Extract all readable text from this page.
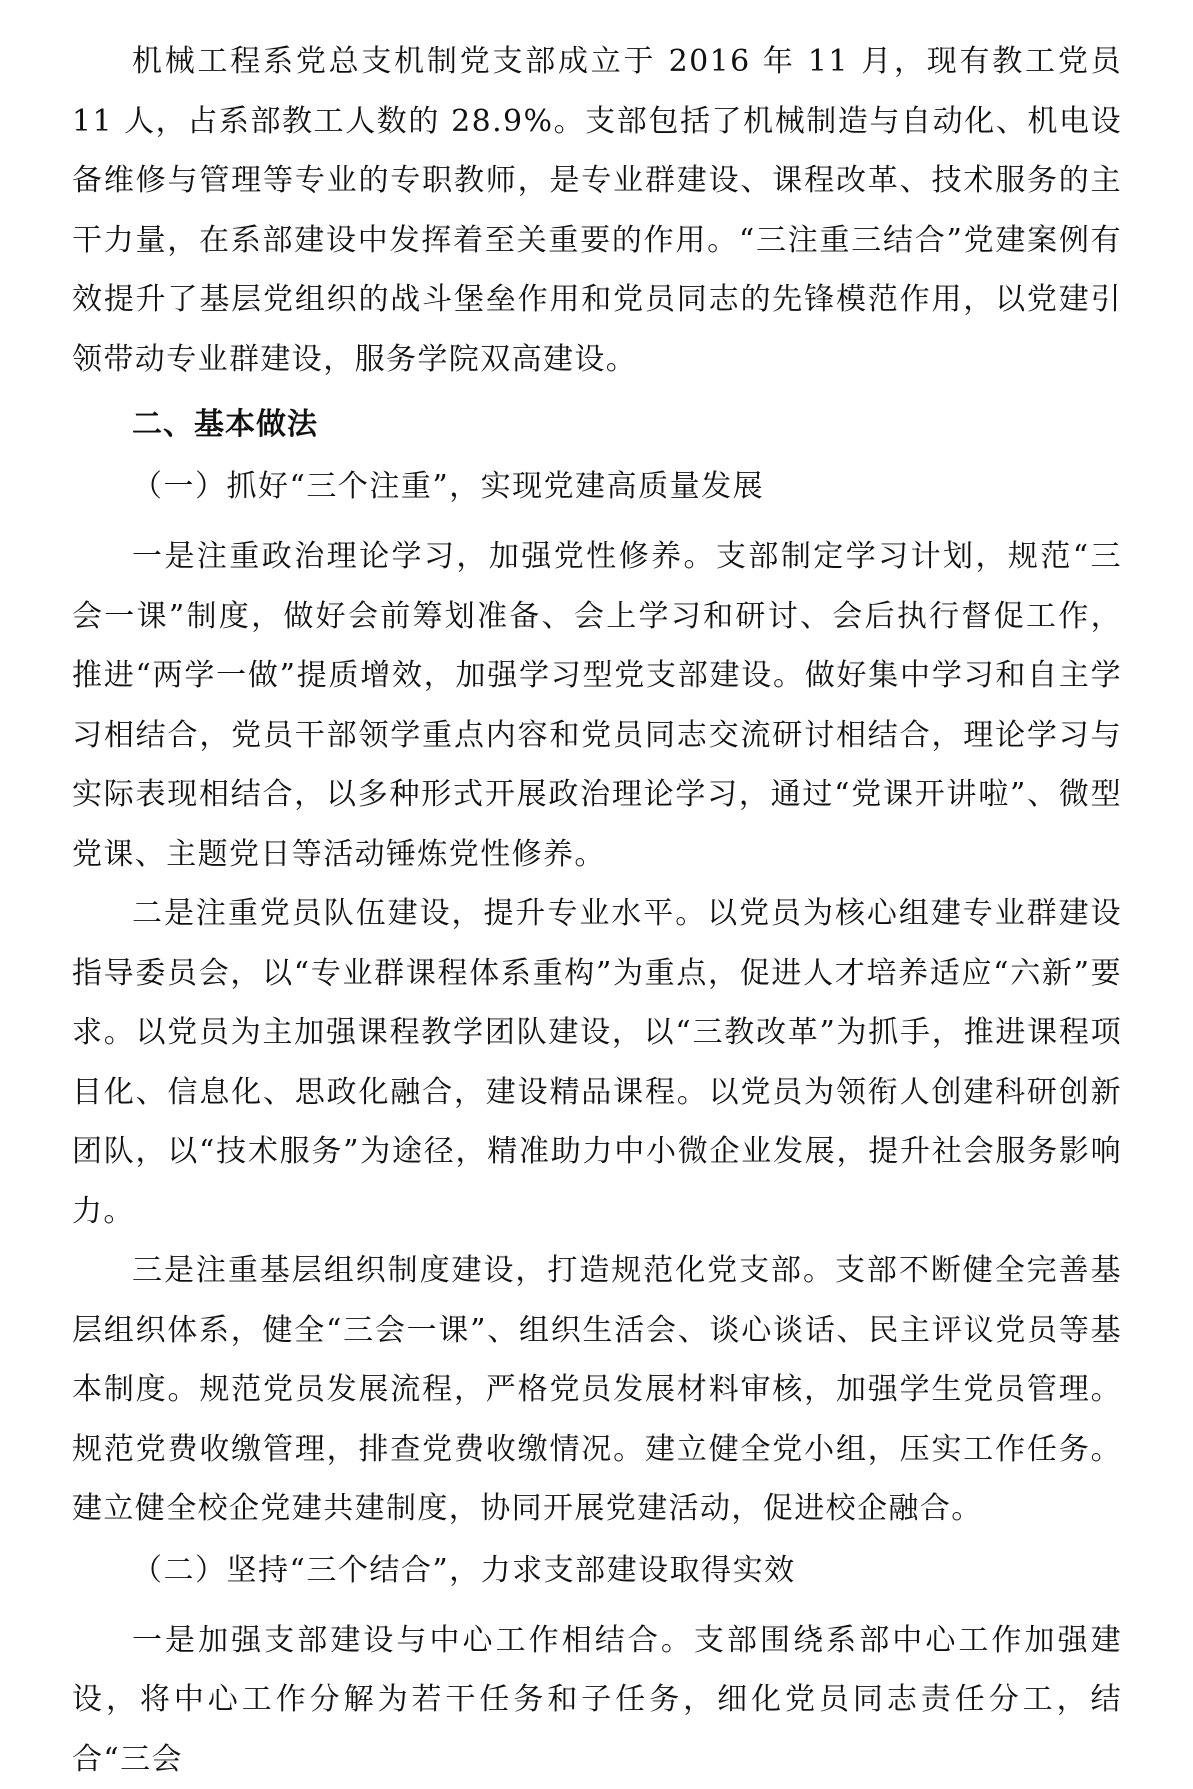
机械工程系党总支机制党支部成立于 2016 年 11 月，现有教工党员 11 人，占系部教工人数的 28.9%。支部包括了机械制造与自动化、机电设备维修与管理等专业的专职教师，是专业群建设、课程改革、技术服务的主干力量，在系部建设中发挥着至关重要的作用。“三注重三结合”党建案例有效提升了基层党组织的战斗堡垒作用和党员同志的先锋模范作用，以党建引领带动专业群建设，服务学院双高建设。

二、基本做法

（一）抓好“三个注重”，实现党建高质量发展

一是注重政治理论学习，加强党性修养。支部制定学习计划，规范“三会一课”制度，做好会前筹划准备、会上学习和研讨、会后执行督促工作，推进“两学一做”提质增效，加强学习型党支部建设。做好集中学习和自主学习相结合，党员干部领学重点内容和党员同志交流研讨相结合，理论学习与实际表现相结合，以多种形式开展政治理论学习，通过“党课开讲啦”、微型党课、主题党日等活动锤炼党性修养。

二是注重党员队伍建设，提升专业水平。以党员为核心组建专业群建设指导委员会，以“专业群课程体系重构”为重点，促进人才培养适应“六新”要求。以党员为主加强课程教学团队建设，以“三教改革”为抓手，推进课程项目化、信息化、思政化融合，建设精品课程。以党员为领衔人创建科研创新团队，以“技术服务”为途径，精准助力中小微企业发展，提升社会服务影响力。

三是注重基层组织制度建设，打造规范化党支部。支部不断健全完善基层组织体系，健全“三会一课”、组织生活会、谈心谈话、民主评议党员等基本制度。规范党员发展流程，严格党员发展材料审核，加强学生党员管理。规范党费收缴管理，排查党费收缴情况。建立健全党小组，压实工作任务。建立健全校企党建共建制度，协同开展党建活动，促进校企融合。

（二）坚持“三个结合”，力求支部建设取得实效

一是加强支部建设与中心工作相结合。支部围绕系部中心工作加强建设，将中心工作分解为若干任务和子任务，细化党员同志责任分工，结合“三会
